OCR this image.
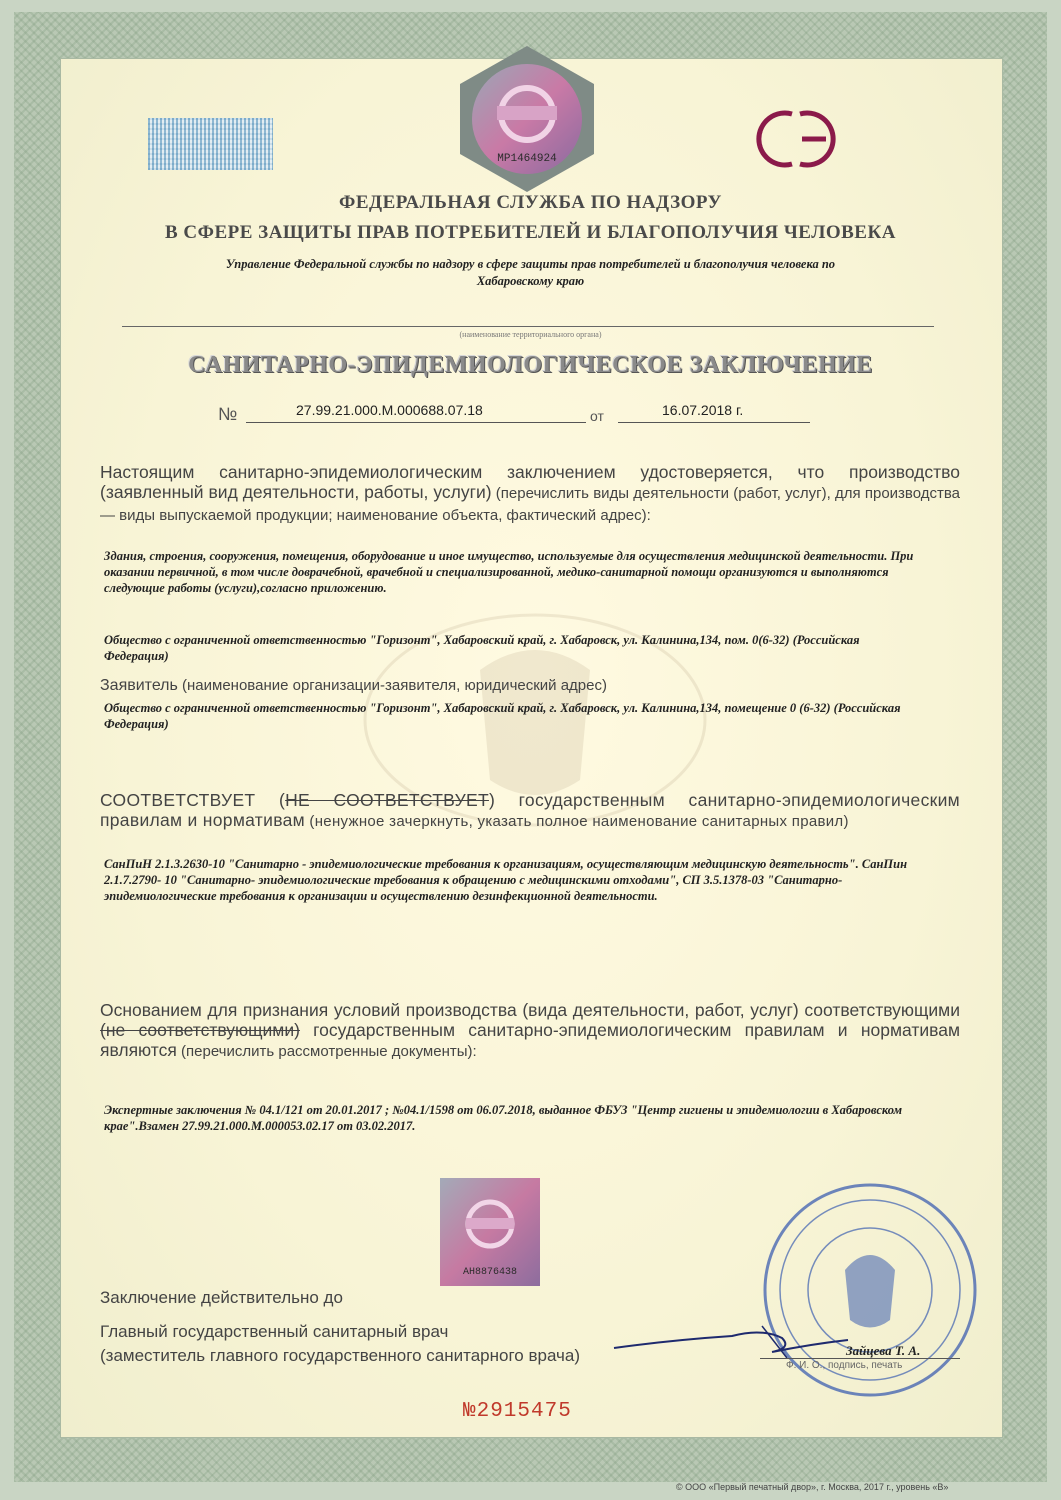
МР1464924
ФЕДЕРАЛЬНАЯ СЛУЖБА ПО НАДЗОРУ
В СФЕРЕ ЗАЩИТЫ ПРАВ ПОТРЕБИТЕЛЕЙ И БЛАГОПОЛУЧИЯ ЧЕЛОВЕКА
Управление Федеральной службы по надзору в сфере защиты прав потребителей и благополучия человека по
Хабаровскому краю
(наименование территориального органа)
САНИТАРНО-ЭПИДЕМИОЛОГИЧЕСКОЕ ЗАКЛЮЧЕНИЕ
№	27.99.21.000.М.000688.07.18	от	16.07.2018 г.
Настоящим санитарно-эпидемиологическим заключением удостоверяется, что производство (заявленный вид деятельности, работы, услуги) (перечислить виды деятельности (работ, услуг), для производства — виды выпускаемой продукции; наименование объекта, фактический адрес):
Здания, строения, сооружения, помещения, оборудование и иное имущество, используемые для осуществления медицинской деятельности. При оказании первичной, в том числе доврачебной, врачебной и специализированной, медико-санитарной помощи организуются и выполняются следующие работы (услуги),согласно приложению.
Общество с ограниченной ответственностью "Горизонт", Хабаровский край, г. Хабаровск, ул. Калинина,134, пом. 0(6-32) (Российская Федерация)
Заявитель (наименование организации-заявителя, юридический адрес)
Общество с ограниченной ответственностью "Горизонт", Хабаровский край, г. Хабаровск, ул. Калинина,134, помещение 0 (6-32) (Российская Федерация)
СООТВЕТСТВУЕТ (НЕ СООТВЕТСТВУЕТ) государственным санитарно-эпидемиологическим правилам и нормативам (ненужное зачеркнуть, указать полное наименование санитарных правил)
СанПиН 2.1.3.2630-10 "Санитарно - эпидемиологические требования к организациям, осуществляющим медицинскую деятельность". СанПин 2.1.7.2790- 10 "Санитарно- эпидемиологические требования к обращению с медицинскими отходами", СП 3.5.1378-03 "Санитарно- эпидемиологические требования к организации и осуществлению дезинфекционной деятельности.
Основанием для признания условий производства (вида деятельности, работ, услуг) соответствующими (не соответствующими) государственным санитарно-эпидемиологическим правилам и нормативам являются (перечислить рассмотренные документы):
Экспертные заключения № 04.1/121 от 20.01.2017 ; №04.1/1598 от 06.07.2018, выданное ФБУЗ "Центр гигиены и эпидемиологии в Хабаровском крае".Взамен 27.99.21.000.М.000053.02.17 от 03.02.2017.
АН8876438
Заключение действительно до
Главный государственный санитарный врач
(заместитель главного государственного санитарного врача)	Зайцева Т. А.
Ф. И. О., подпись, печать
№2915475
© ООО «Первый печатный двор», г. Москва, 2017 г., уровень «В»
